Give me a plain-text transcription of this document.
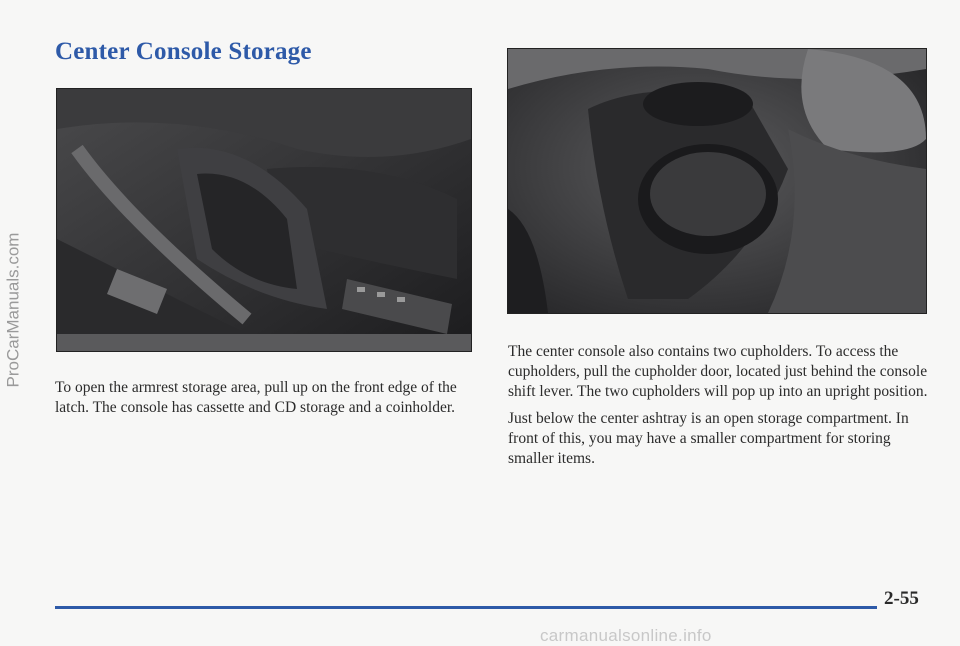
ProCarManuals.com
Center Console Storage

To open the armrest storage area, pull up on the front edge of the latch. The console has cassette and CD storage and a coinholder.

The center console also contains two cupholders. To access the cupholders, pull the cupholder door, located just behind the console shift lever. The two cupholders will pop up into an upright position.

Just below the center ashtray is an open storage compartment. In front of this, you may have a smaller compartment for storing smaller items.

2-55
carmanualsonline.info
